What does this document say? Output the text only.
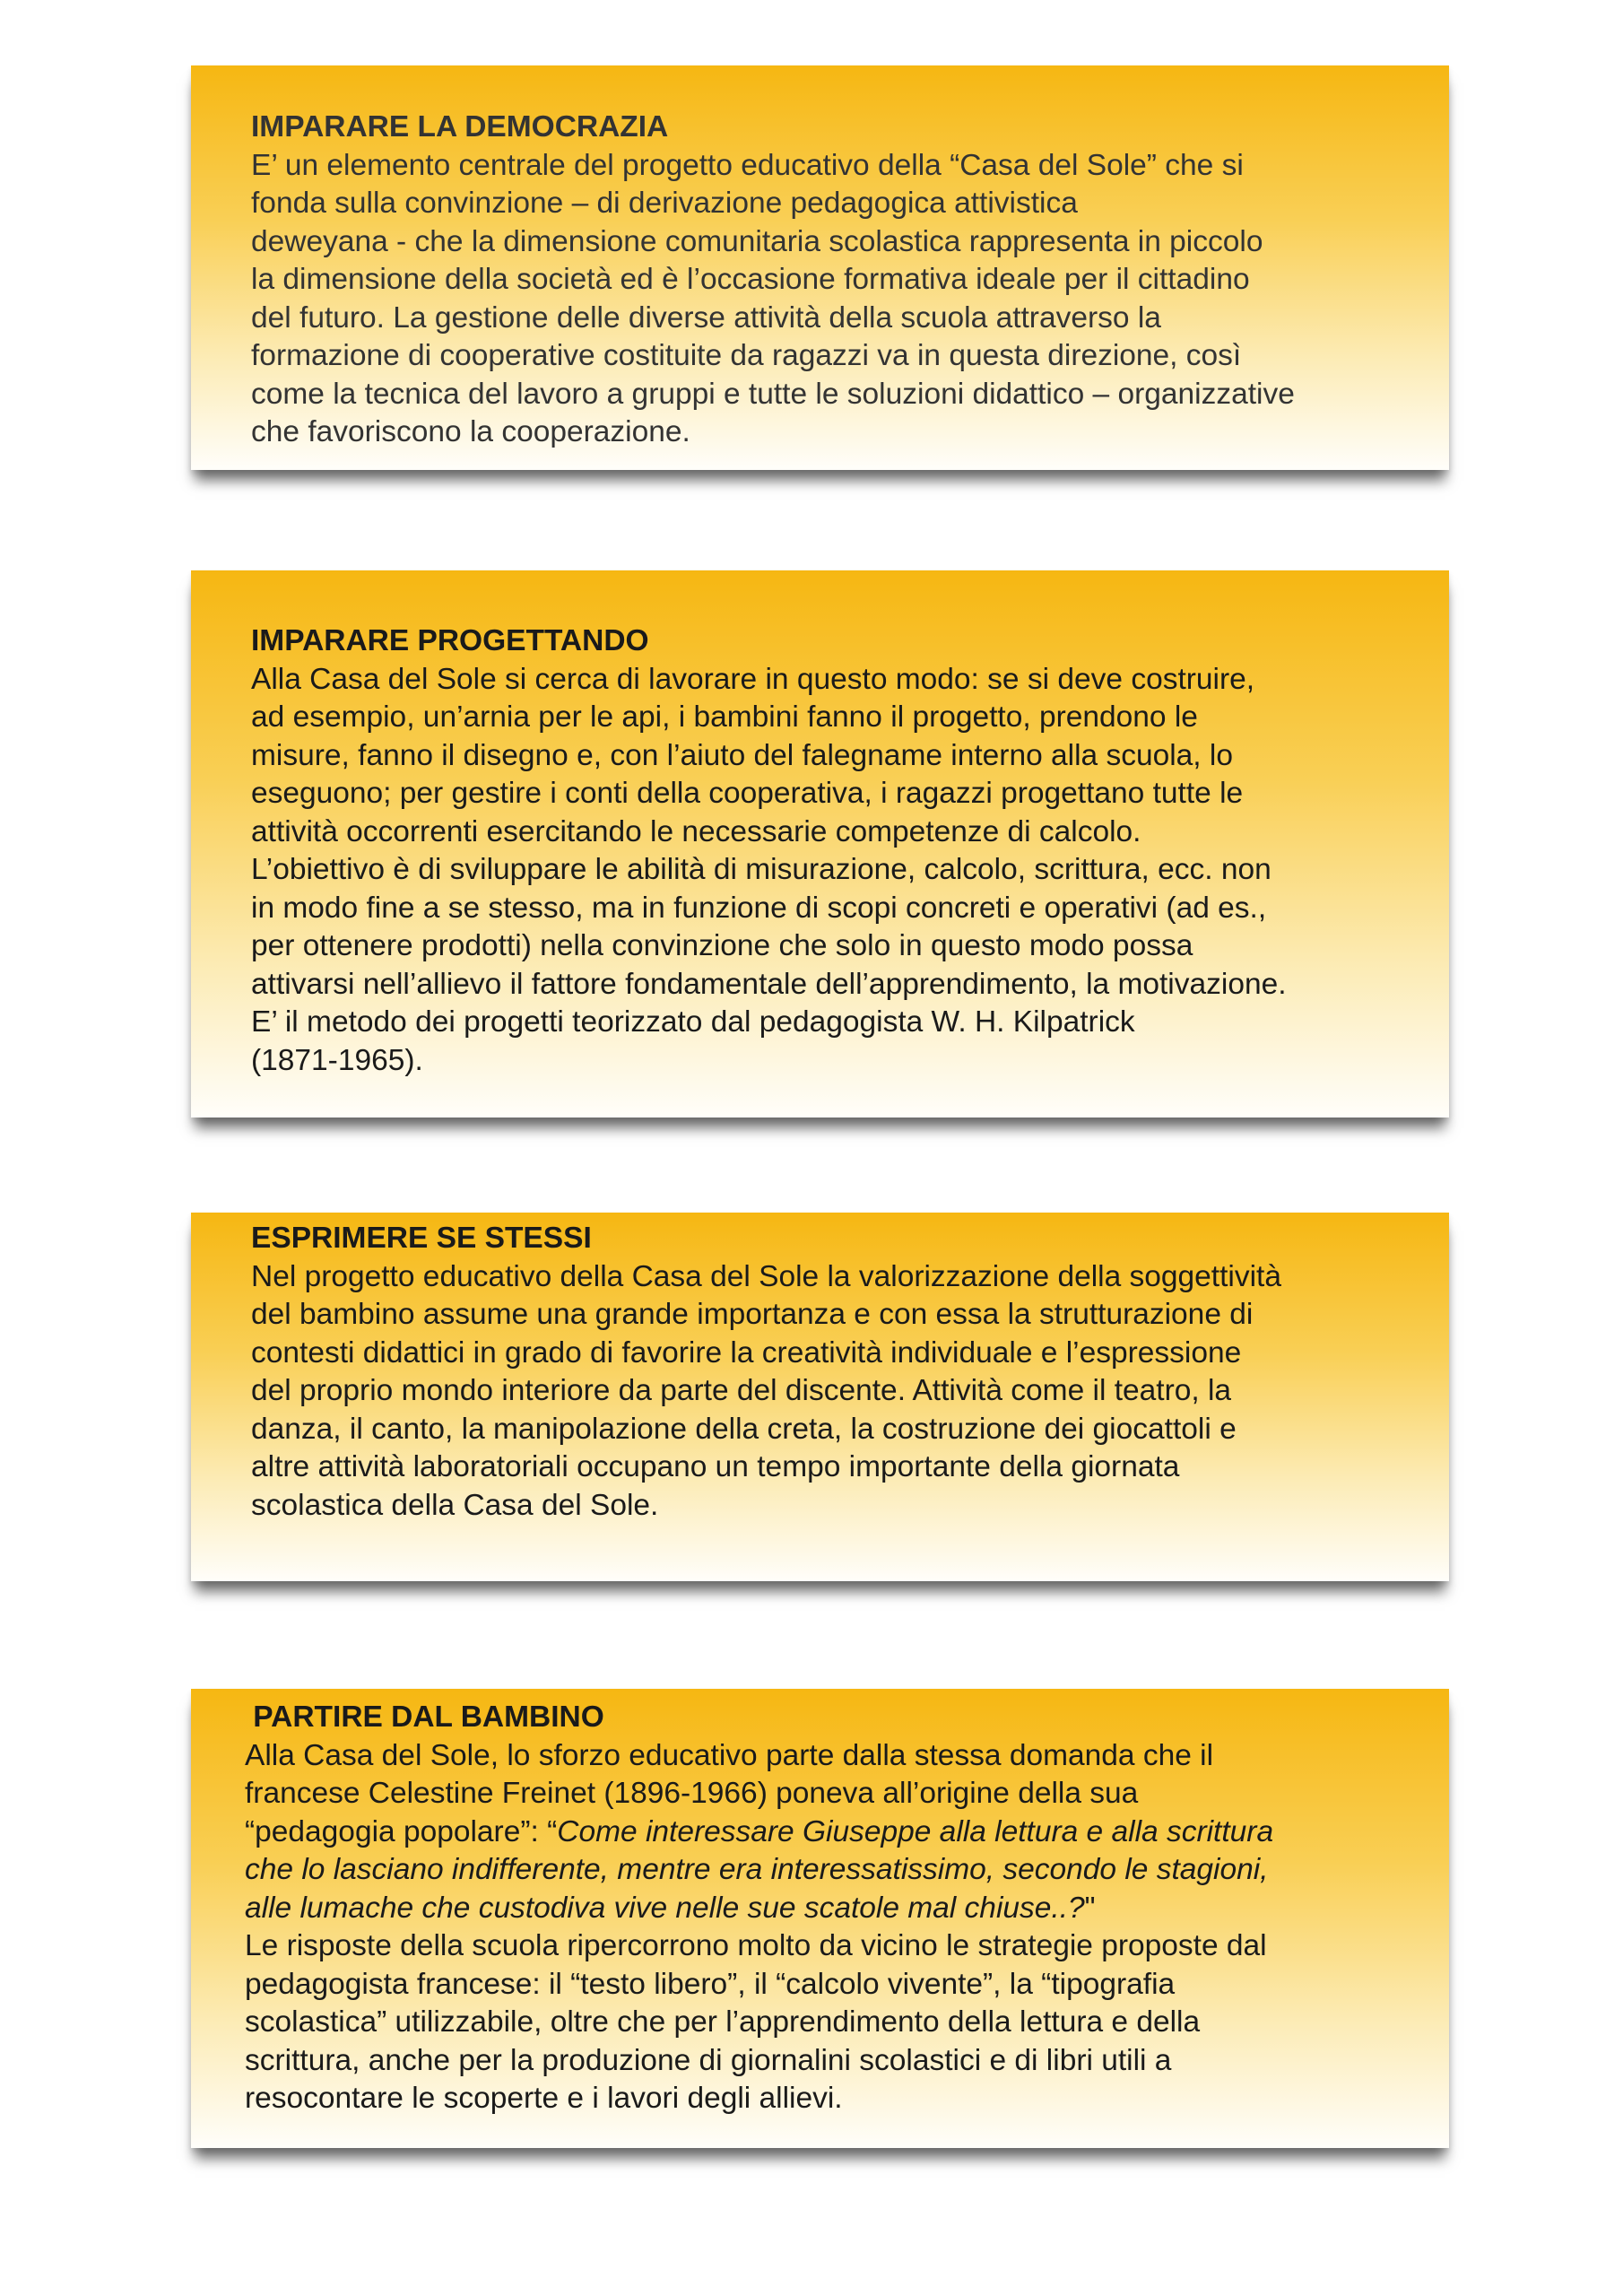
IMPARARE LA DEMOCRAZIA
E’ un elemento centrale del progetto educativo della “Casa del Sole” che si
fonda sulla convinzione – di derivazione pedagogica attivistica
deweyana - che la dimensione comunitaria scolastica rappresenta in piccolo
la dimensione della società ed è l’occasione formativa ideale per il cittadino
del futuro. La gestione delle diverse attività della scuola attraverso la
formazione di cooperative costituite da ragazzi va in questa direzione, così
come la tecnica del lavoro a gruppi e tutte le soluzioni didattico – organizzative
che favoriscono la cooperazione.
IMPARARE PROGETTANDO
Alla Casa del Sole si cerca di lavorare in questo modo: se si deve costruire,
ad esempio, un’arnia per le api, i bambini fanno il progetto, prendono le
misure, fanno il disegno e, con l’aiuto del falegname interno alla scuola, lo
eseguono; per gestire i conti della cooperativa, i ragazzi progettano tutte le
attività occorrenti esercitando le necessarie competenze di calcolo.
L’obiettivo è di sviluppare le abilità di misurazione, calcolo, scrittura, ecc. non
in modo fine a se stesso, ma in funzione di scopi concreti e operativi (ad es.,
per ottenere prodotti) nella convinzione che solo in questo modo possa
attivarsi nell’allievo il fattore fondamentale dell’apprendimento, la motivazione.
E’ il metodo dei progetti teorizzato dal pedagogista W. H. Kilpatrick
(1871-1965).
ESPRIMERE SE STESSI
Nel progetto educativo della Casa del Sole la valorizzazione della soggettività
del bambino assume una grande importanza e con essa la strutturazione di
contesti didattici in grado di favorire la creatività individuale e l’espressione
del proprio mondo interiore da parte del discente. Attività come il teatro, la
danza, il canto, la manipolazione della creta, la costruzione dei giocattoli e
altre attività laboratoriali occupano un tempo importante della giornata
scolastica della Casa del Sole.
PARTIRE DAL BAMBINO
Alla Casa del Sole, lo sforzo educativo parte dalla stessa domanda che il
francese Celestine Freinet (1896-1966) poneva all’origine della sua
“pedagogia popolare”: “Come interessare Giuseppe alla lettura e alla scrittura
che lo lasciano indifferente, mentre era interessatissimo, secondo le stagioni,
alle lumache che custodiva vive nelle sue scatole mal chiuse..?"
Le risposte della scuola ripercorrono molto da vicino le strategie proposte dal
pedagogista francese: il “testo libero”, il “calcolo vivente”, la “tipografia
scolastica” utilizzabile, oltre che per l’apprendimento della lettura e della
scrittura, anche per la produzione di giornalini scolastici e di libri utili a
resocontare le scoperte e i lavori degli allievi.
